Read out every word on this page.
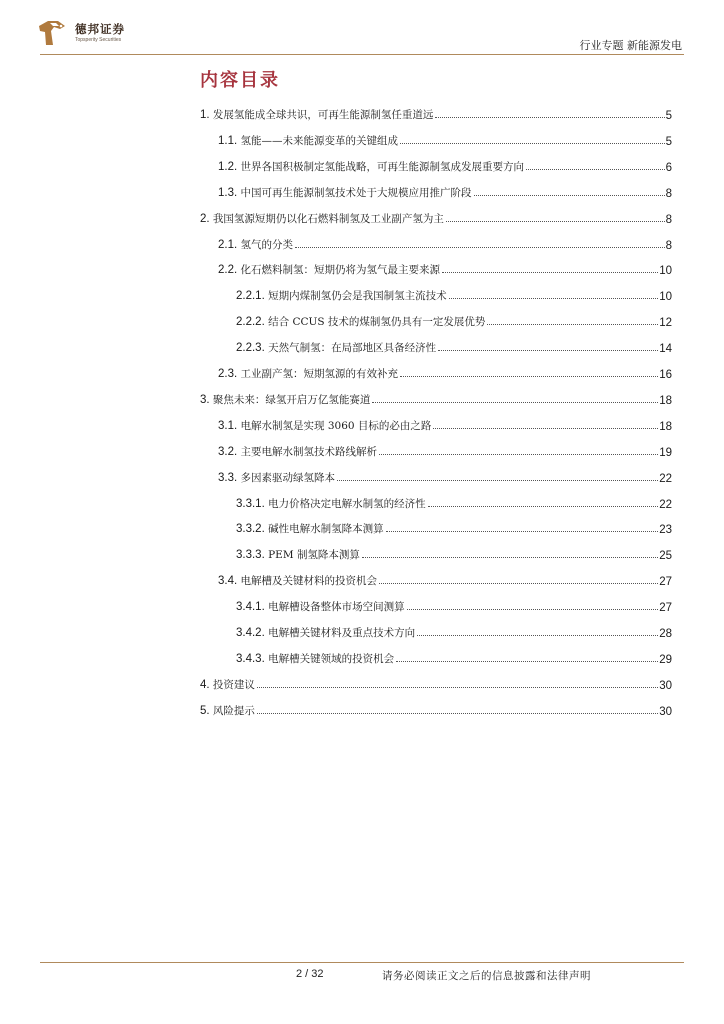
德邦证券
Topsperity Securities	行业专题 新能源发电
内容目录
1. 发展氢能成全球共识，可再生能源制氢任重道远	5
1.1. 氢能——未来能源变革的关键组成	5
1.2. 世界各国积极制定氢能战略，可再生能源制氢成发展重要方向	6
1.3. 中国可再生能源制氢技术处于大规模应用推广阶段	8
2. 我国氢源短期仍以化石燃料制氢及工业副产氢为主	8
2.1. 氢气的分类	8
2.2. 化石燃料制氢：短期仍将为氢气最主要来源	10
2.2.1. 短期内煤制氢仍会是我国制氢主流技术	10
2.2.2. 结合 CCUS 技术的煤制氢仍具有一定发展优势	12
2.2.3. 天然气制氢：在局部地区具备经济性	14
2.3. 工业副产氢：短期氢源的有效补充	16
3. 聚焦未来：绿氢开启万亿氢能赛道	18
3.1. 电解水制氢是实现 3060 目标的必由之路	18
3.2. 主要电解水制氢技术路线解析	19
3.3. 多因素驱动绿氢降本	22
3.3.1. 电力价格决定电解水制氢的经济性	22
3.3.2. 碱性电解水制氢降本测算	23
3.3.3. PEM 制氢降本测算	25
3.4. 电解槽及关键材料的投资机会	27
3.4.1. 电解槽设备整体市场空间测算	27
3.4.2. 电解槽关键材料及重点技术方向	28
3.4.3. 电解槽关键领域的投资机会	29
4. 投资建议	30
5. 风险提示	30
2 / 32	请务必阅读正文之后的信息披露和法律声明
